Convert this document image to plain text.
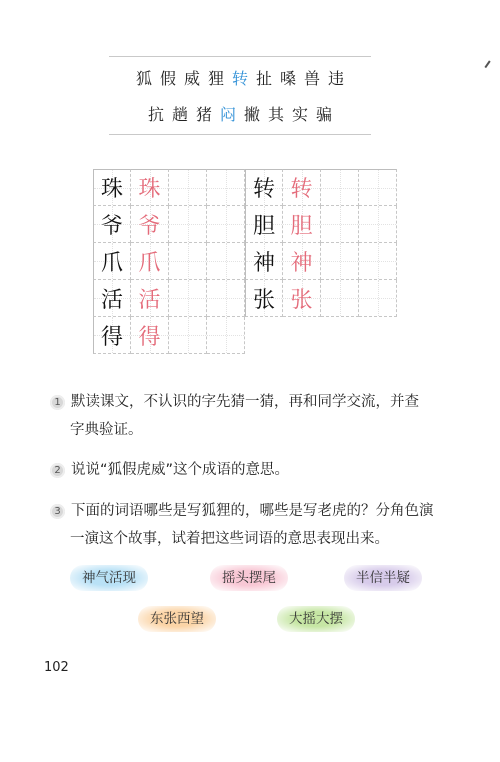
狐 假 威 狸 转 扯 嗓 兽 违
抗 趟 猪 闷 撇 其 实 骗
珠 珠
爷 爷
爪 爪
活 活
得 得
转 转
胆 胆
神 神
张 张
1 默读课文，不认识的字先猜一猜，再和同学交流，并查
字典验证。
2 说说“狐假虎威”这个成语的意思。
3 下面的词语哪些是写狐狸的，哪些是写老虎的？分角色演
一演这个故事，试着把这些词语的意思表现出来。
神气活现	摇头摆尾	半信半疑
东张西望	大摇大摆
102
